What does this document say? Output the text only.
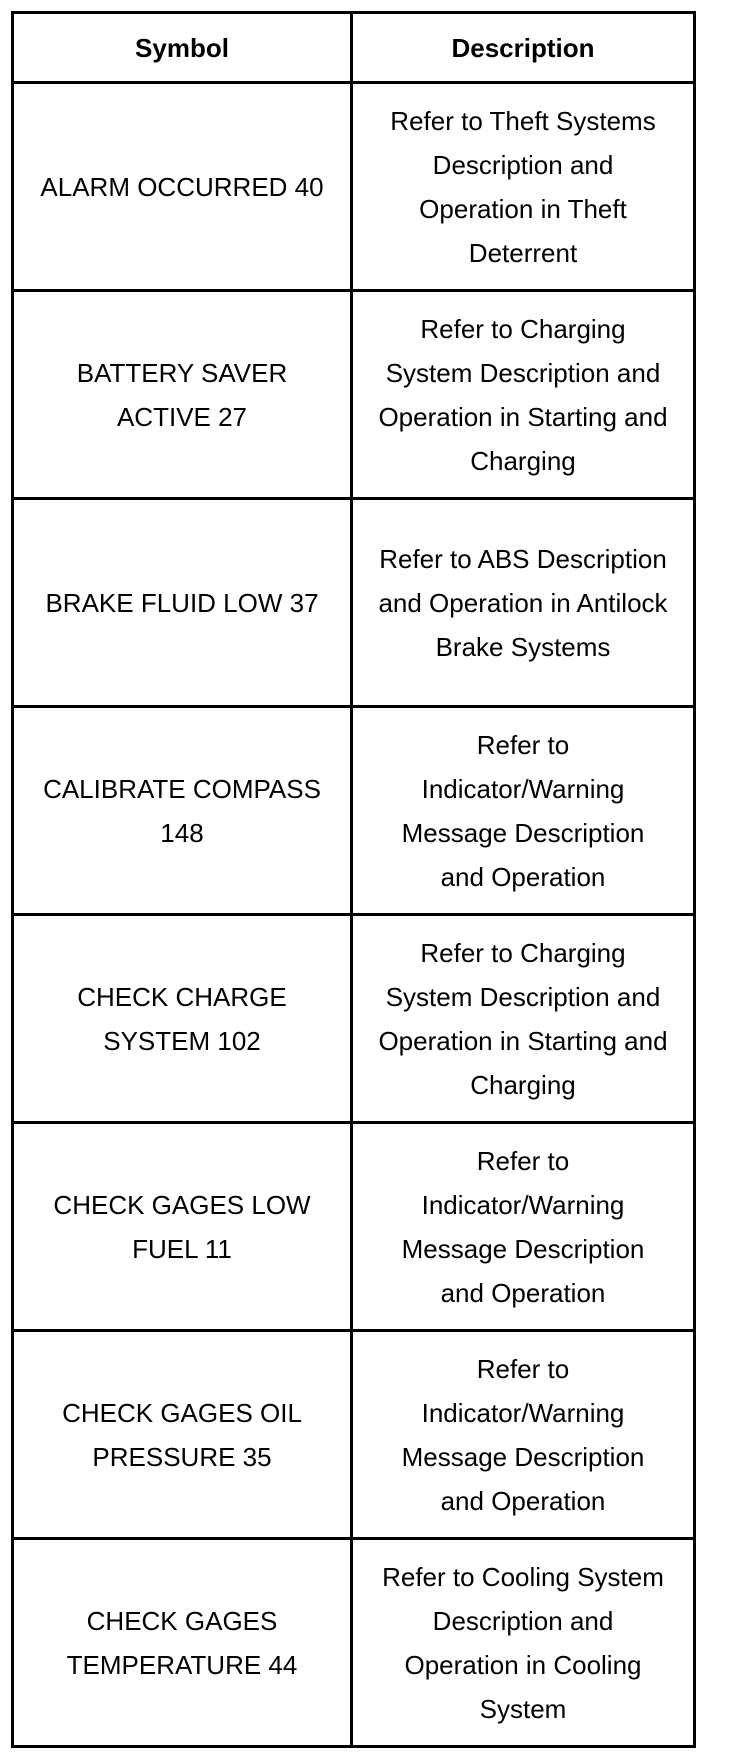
Symbol	Description
ALARM OCCURRED 40
Refer to Theft Systems Description and Operation in Theft Deterrent
BATTERY SAVER ACTIVE 27
Refer to Charging System Description and Operation in Starting and Charging
BRAKE FLUID LOW 37
Refer to ABS Description and Operation in Antilock Brake Systems
CALIBRATE COMPASS 148
Refer to Indicator/Warning Message Description and Operation
CHECK CHARGE SYSTEM 102
Refer to Charging System Description and Operation in Starting and Charging
CHECK GAGES LOW FUEL 11
Refer to Indicator/Warning Message Description and Operation
CHECK GAGES OIL PRESSURE 35
Refer to Indicator/Warning Message Description and Operation
CHECK GAGES TEMPERATURE 44
Refer to Cooling System Description and Operation in Cooling System
